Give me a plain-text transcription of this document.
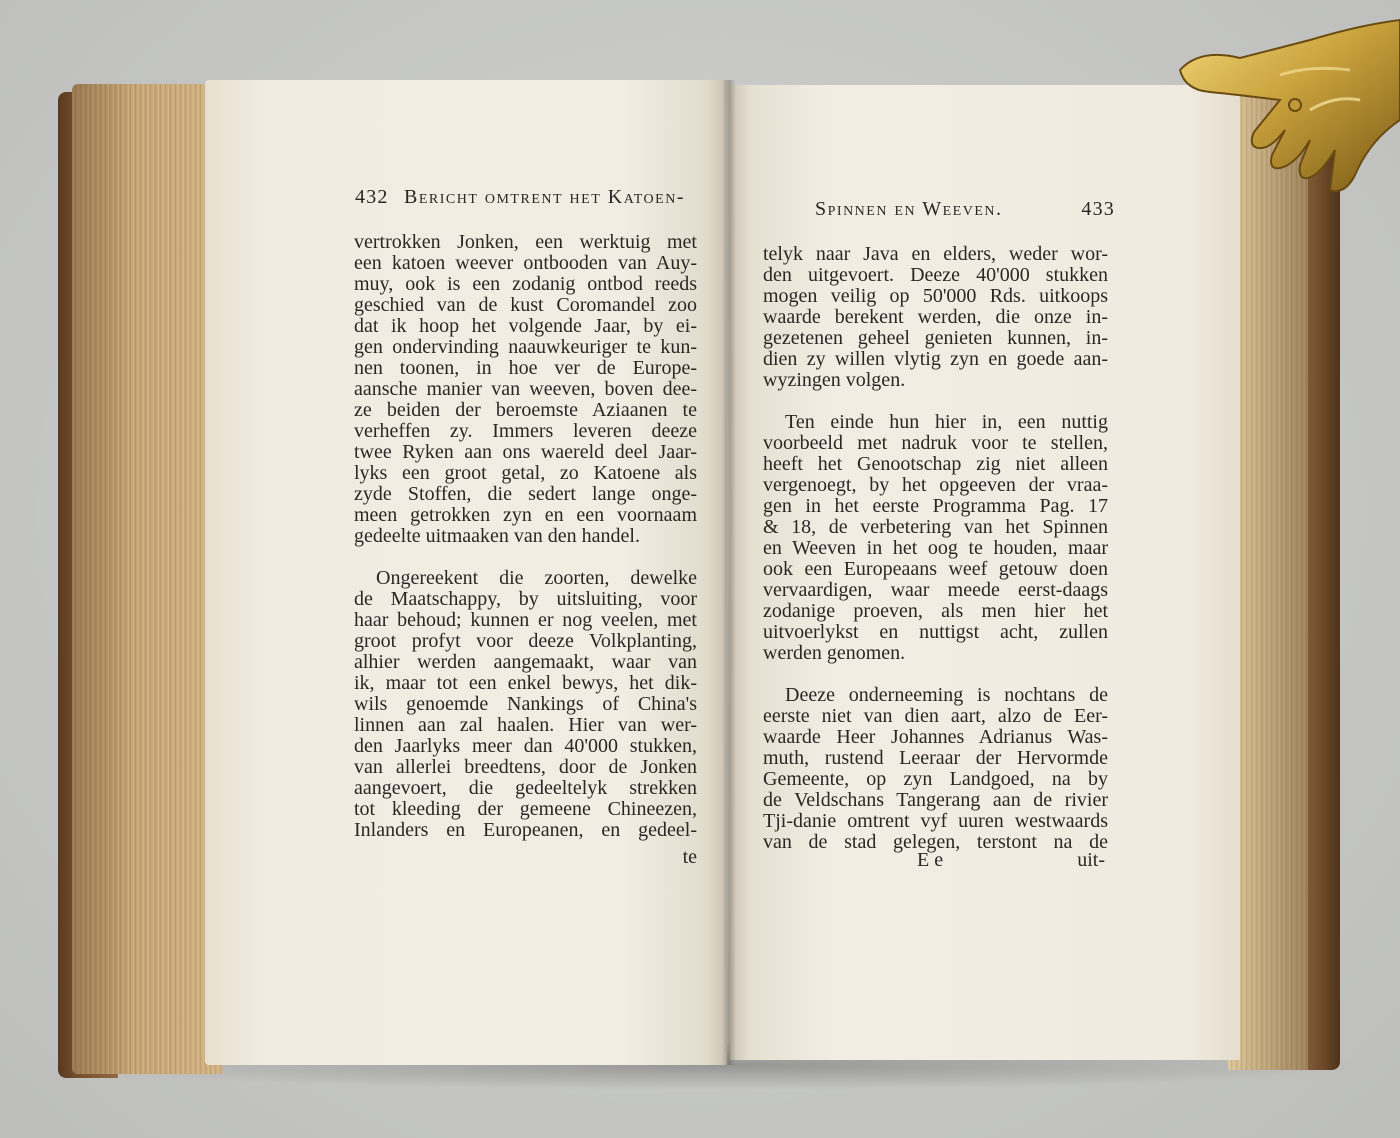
432 Bericht omtrent het Katoen-
Spinnen en Weeven.	433
vertrokken Jonken, een werktuig met
een katoen weever ontbooden van Auy-
muy, ook is een zodanig ontbod reeds
geschied van de kust Coromandel zoo
dat ik hoop het volgende Jaar, by ei-
gen ondervinding naauwkeuriger te kun-
nen toonen, in hoe ver de Europe-
aansche manier van weeven, boven dee-
ze beiden der beroemste Aziaanen te
verheffen zy. Immers leveren deeze
twee Ryken aan ons waereld deel Jaar-
lyks een groot getal, zo Katoene als
zyde Stoffen, die sedert lange onge-
meen getrokken zyn en een voornaam
gedeelte uitmaaken van den handel.
Ongereekent die zoorten, dewelke
de Maatschappy, by uitsluiting, voor
haar behoud; kunnen er nog veelen, met
groot profyt voor deeze Volkplanting,
alhier werden aangemaakt, waar van
ik, maar tot een enkel bewys, het dik-
wils genoemde Nankings of China's
linnen aan zal haalen. Hier van wer-
den Jaarlyks meer dan 40'000 stukken,
van allerlei breedtens, door de Jonken
aangevoert, die gedeeltelyk strekken
tot kleeding der gemeene Chineezen,
Inlanders en Europeanen, en gedeel-
te
telyk naar Java en elders, weder wor-
den uitgevoert. Deeze 40'000 stukken
mogen veilig op 50'000 Rds. uitkoops
waarde berekent werden, die onze in-
gezetenen geheel genieten kunnen, in-
dien zy willen vlytig zyn en goede aan-
wyzingen volgen.
Ten einde hun hier in, een nuttig
voorbeeld met nadruk voor te stellen,
heeft het Genootschap zig niet alleen
vergenoegt, by het opgeeven der vraa-
gen in het eerste Programma Pag. 17
& 18, de verbetering van het Spinnen
en Weeven in het oog te houden, maar
ook een Europeaans weef getouw doen
vervaardigen, waar meede eerst-daags
zodanige proeven, als men hier het
uitvoerlykst en nuttigst acht, zullen
werden genomen.
Deeze onderneeming is nochtans de
eerste niet van dien aart, alzo de Eer-
waarde Heer Johannes Adrianus Was-
muth, rustend Leeraar der Hervormde
Gemeente, op zyn Landgoed, na by
de Veldschans Tangerang aan de rivier
Tji-danie omtrent vyf uuren westwaards
van de stad gelegen, terstont na de
E e	uit-
